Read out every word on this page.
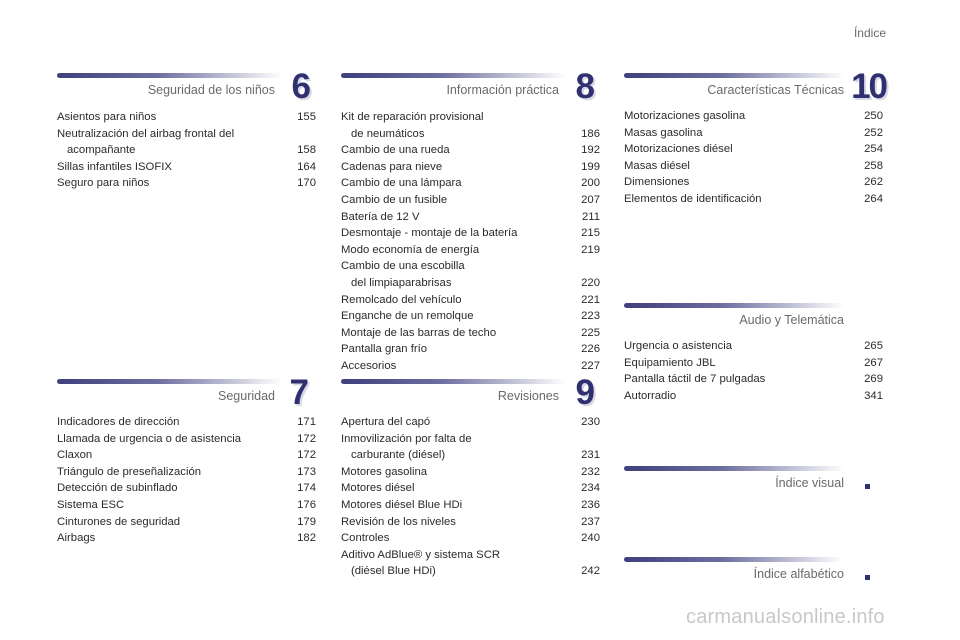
Índice
Seguridad de los niños 6
Asientos para niños	155
Neutralización del airbag frontal del
acompañante	158
Sillas infantiles ISOFIX	164
Seguro para niños	170
Seguridad 7
Indicadores de dirección	171
Llamada de urgencia o de asistencia	172
Claxon	172
Triángulo de preseñalización	173
Detección de subinflado	174
Sistema ESC	176
Cinturones de seguridad	179
Airbags	182
Información práctica 8
Kit de reparación provisional
de neumáticos	186
Cambio de una rueda	192
Cadenas para nieve	199
Cambio de una lámpara	200
Cambio de un fusible	207
Batería de 12 V	211
Desmontaje - montaje de la batería	215
Modo economía de energía	219
Cambio de una escobilla
del limpiaparabrisas	220
Remolcado del vehículo	221
Enganche de un remolque	223
Montaje de las barras de techo	225
Pantalla gran frío	226
Accesorios	227
Revisiones 9
Apertura del capó	230
Inmovilización por falta de
carburante (diésel)	231
Motores gasolina	232
Motores diésel	234
Motores diésel Blue HDi	236
Revisión de los niveles	237
Controles	240
Aditivo AdBlue® y sistema SCR
(diésel Blue HDi)	242
Características Técnicas 10
Motorizaciones gasolina	250
Masas gasolina	252
Motorizaciones diésel	254
Masas diésel	258
Dimensiones	262
Elementos de identificación	264
Audio y Telemática
Urgencia o asistencia	265
Equipamiento JBL	267
Pantalla táctil de 7 pulgadas	269
Autorradio	341
Índice visual
Índice alfabético
carmanualsonline.info
